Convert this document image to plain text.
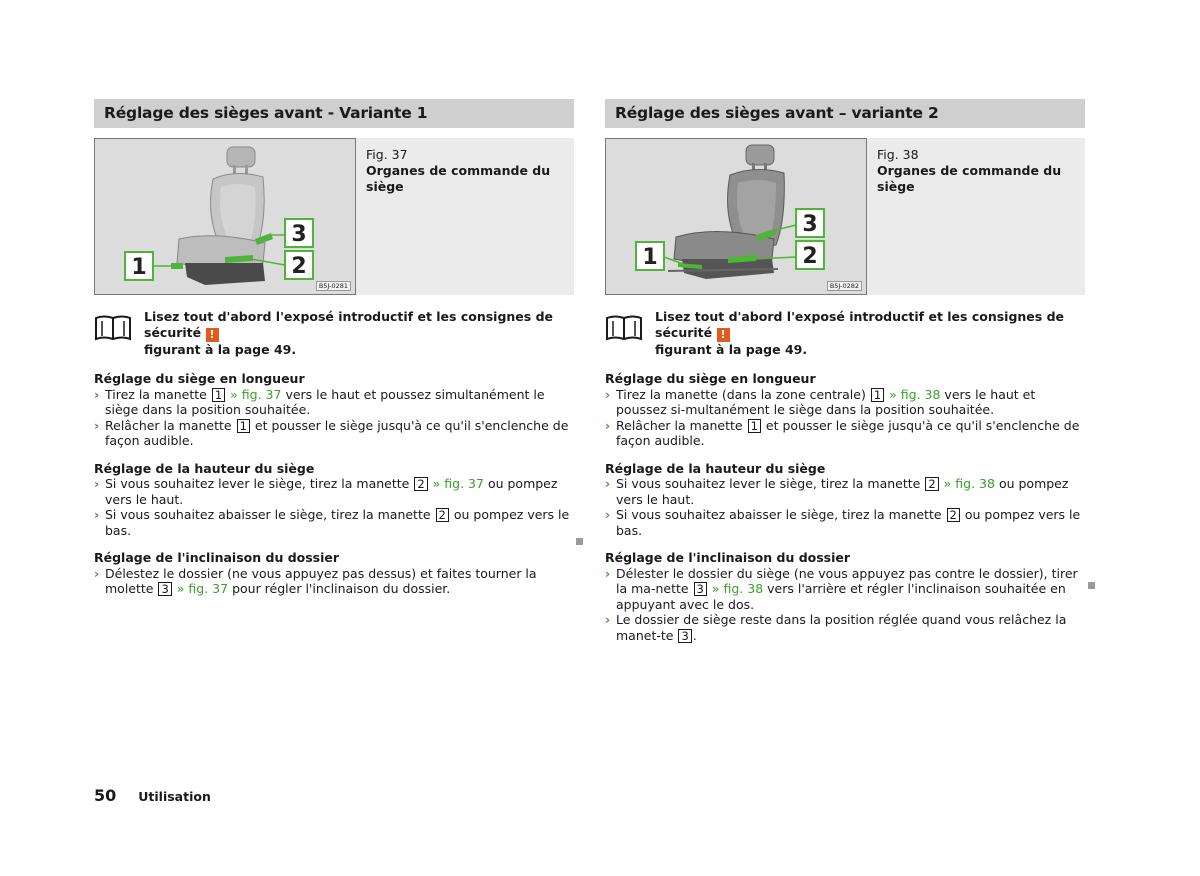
Réglage des sièges avant - Variante 1
1
3
2
B5J-0281
Fig. 37
Organes de commande du siège
Lisez tout d'abord l'exposé introductif et les consignes de sécurité !
figurant à la page 49.
Réglage du siège en longueur
› Tirez la manette 1 » fig. 37 vers le haut et poussez simultanément le siège dans la position souhaitée.
› Relâcher la manette 1 et pousser le siège jusqu'à ce qu'il s'enclenche de façon audible.
Réglage de la hauteur du siège
› Si vous souhaitez lever le siège, tirez la manette 2 » fig. 37 ou pompez vers le haut.
› Si vous souhaitez abaisser le siège, tirez la manette 2 ou pompez vers le bas.
Réglage de l'inclinaison du dossier
› Délestez le dossier (ne vous appuyez pas dessus) et faites tourner la molette 3 » fig. 37 pour régler l'inclinaison du dossier.
Réglage des sièges avant – variante 2
1
3
2
B5J-0282
Fig. 38
Organes de commande du siège
Lisez tout d'abord l'exposé introductif et les consignes de sécurité !
figurant à la page 49.
Réglage du siège en longueur
› Tirez la manette (dans la zone centrale) 1 » fig. 38 vers le haut et poussez si-multanément le siège dans la position souhaitée.
› Relâcher la manette 1 et pousser le siège jusqu'à ce qu'il s'enclenche de façon audible.
Réglage de la hauteur du siège
› Si vous souhaitez lever le siège, tirez la manette 2 » fig. 38 ou pompez vers le haut.
› Si vous souhaitez abaisser le siège, tirez la manette 2 ou pompez vers le bas.
Réglage de l'inclinaison du dossier
› Délester le dossier du siège (ne vous appuyez pas contre le dossier), tirer la ma-nette 3 » fig. 38 vers l'arrière et régler l'inclinaison souhaitée en appuyant avec le dos.
› Le dossier de siège reste dans la position réglée quand vous relâchez la manet-te 3 .
50 Utilisation
